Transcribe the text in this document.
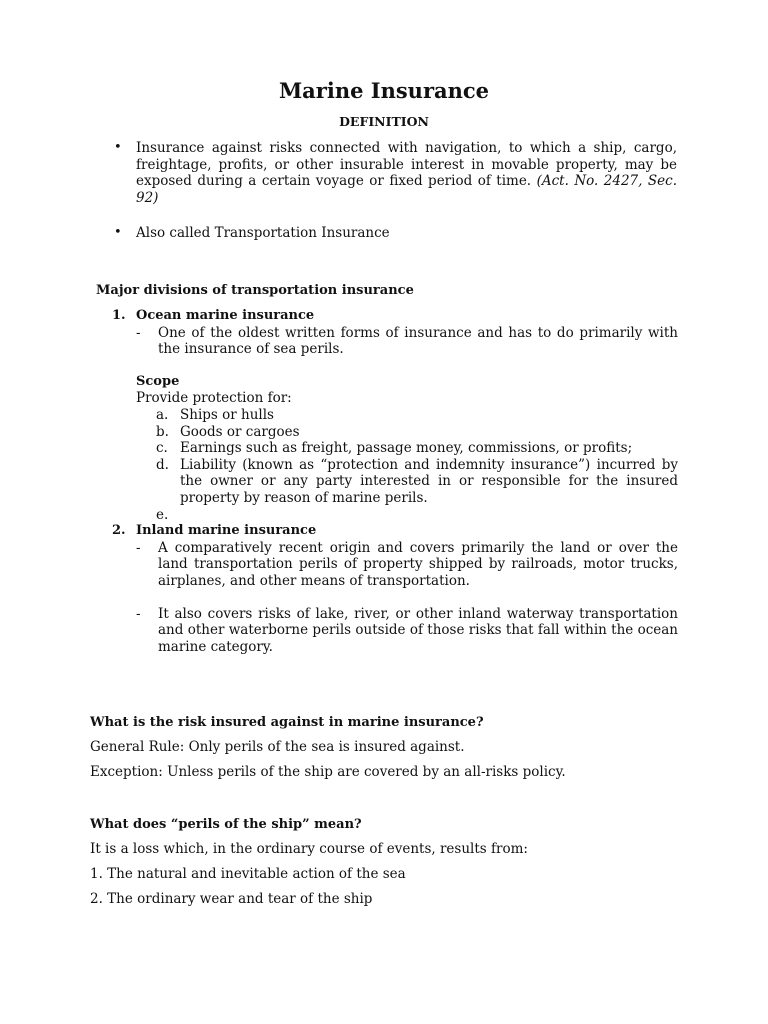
Marine Insurance
DEFINITION
• Insurance against risks connected with navigation, to which a ship, cargo, freightage, profits, or other insurable interest in movable property, may be exposed during a certain voyage or fixed period of time. (Act. No. 2427, Sec. 92)
• Also called Transportation Insurance
Major divisions of transportation insurance
1. Ocean marine insurance
- One of the oldest written forms of insurance and has to do primarily with the insurance of sea perils.
Scope
Provide protection for:
a. Ships or hulls
b. Goods or cargoes
c. Earnings such as freight, passage money, commissions, or profits;
d. Liability (known as “protection and indemnity insurance”) incurred by the owner or any party interested in or responsible for the insured property by reason of marine perils.
e.

2. Inland marine insurance
- A comparatively recent origin and covers primarily the land or over the land transportation perils of property shipped by railroads, motor trucks, airplanes, and other means of transportation.
- It also covers risks of lake, river, or other inland waterway transportation and other waterborne perils outside of those risks that fall within the ocean marine category.
What is the risk insured against in marine insurance?
General Rule: Only perils of the sea is insured against.
Exception: Unless perils of the ship are covered by an all-risks policy.
What does “perils of the ship” mean?
It is a loss which, in the ordinary course of events, results from:
1. The natural and inevitable action of the sea
2. The ordinary wear and tear of the ship
